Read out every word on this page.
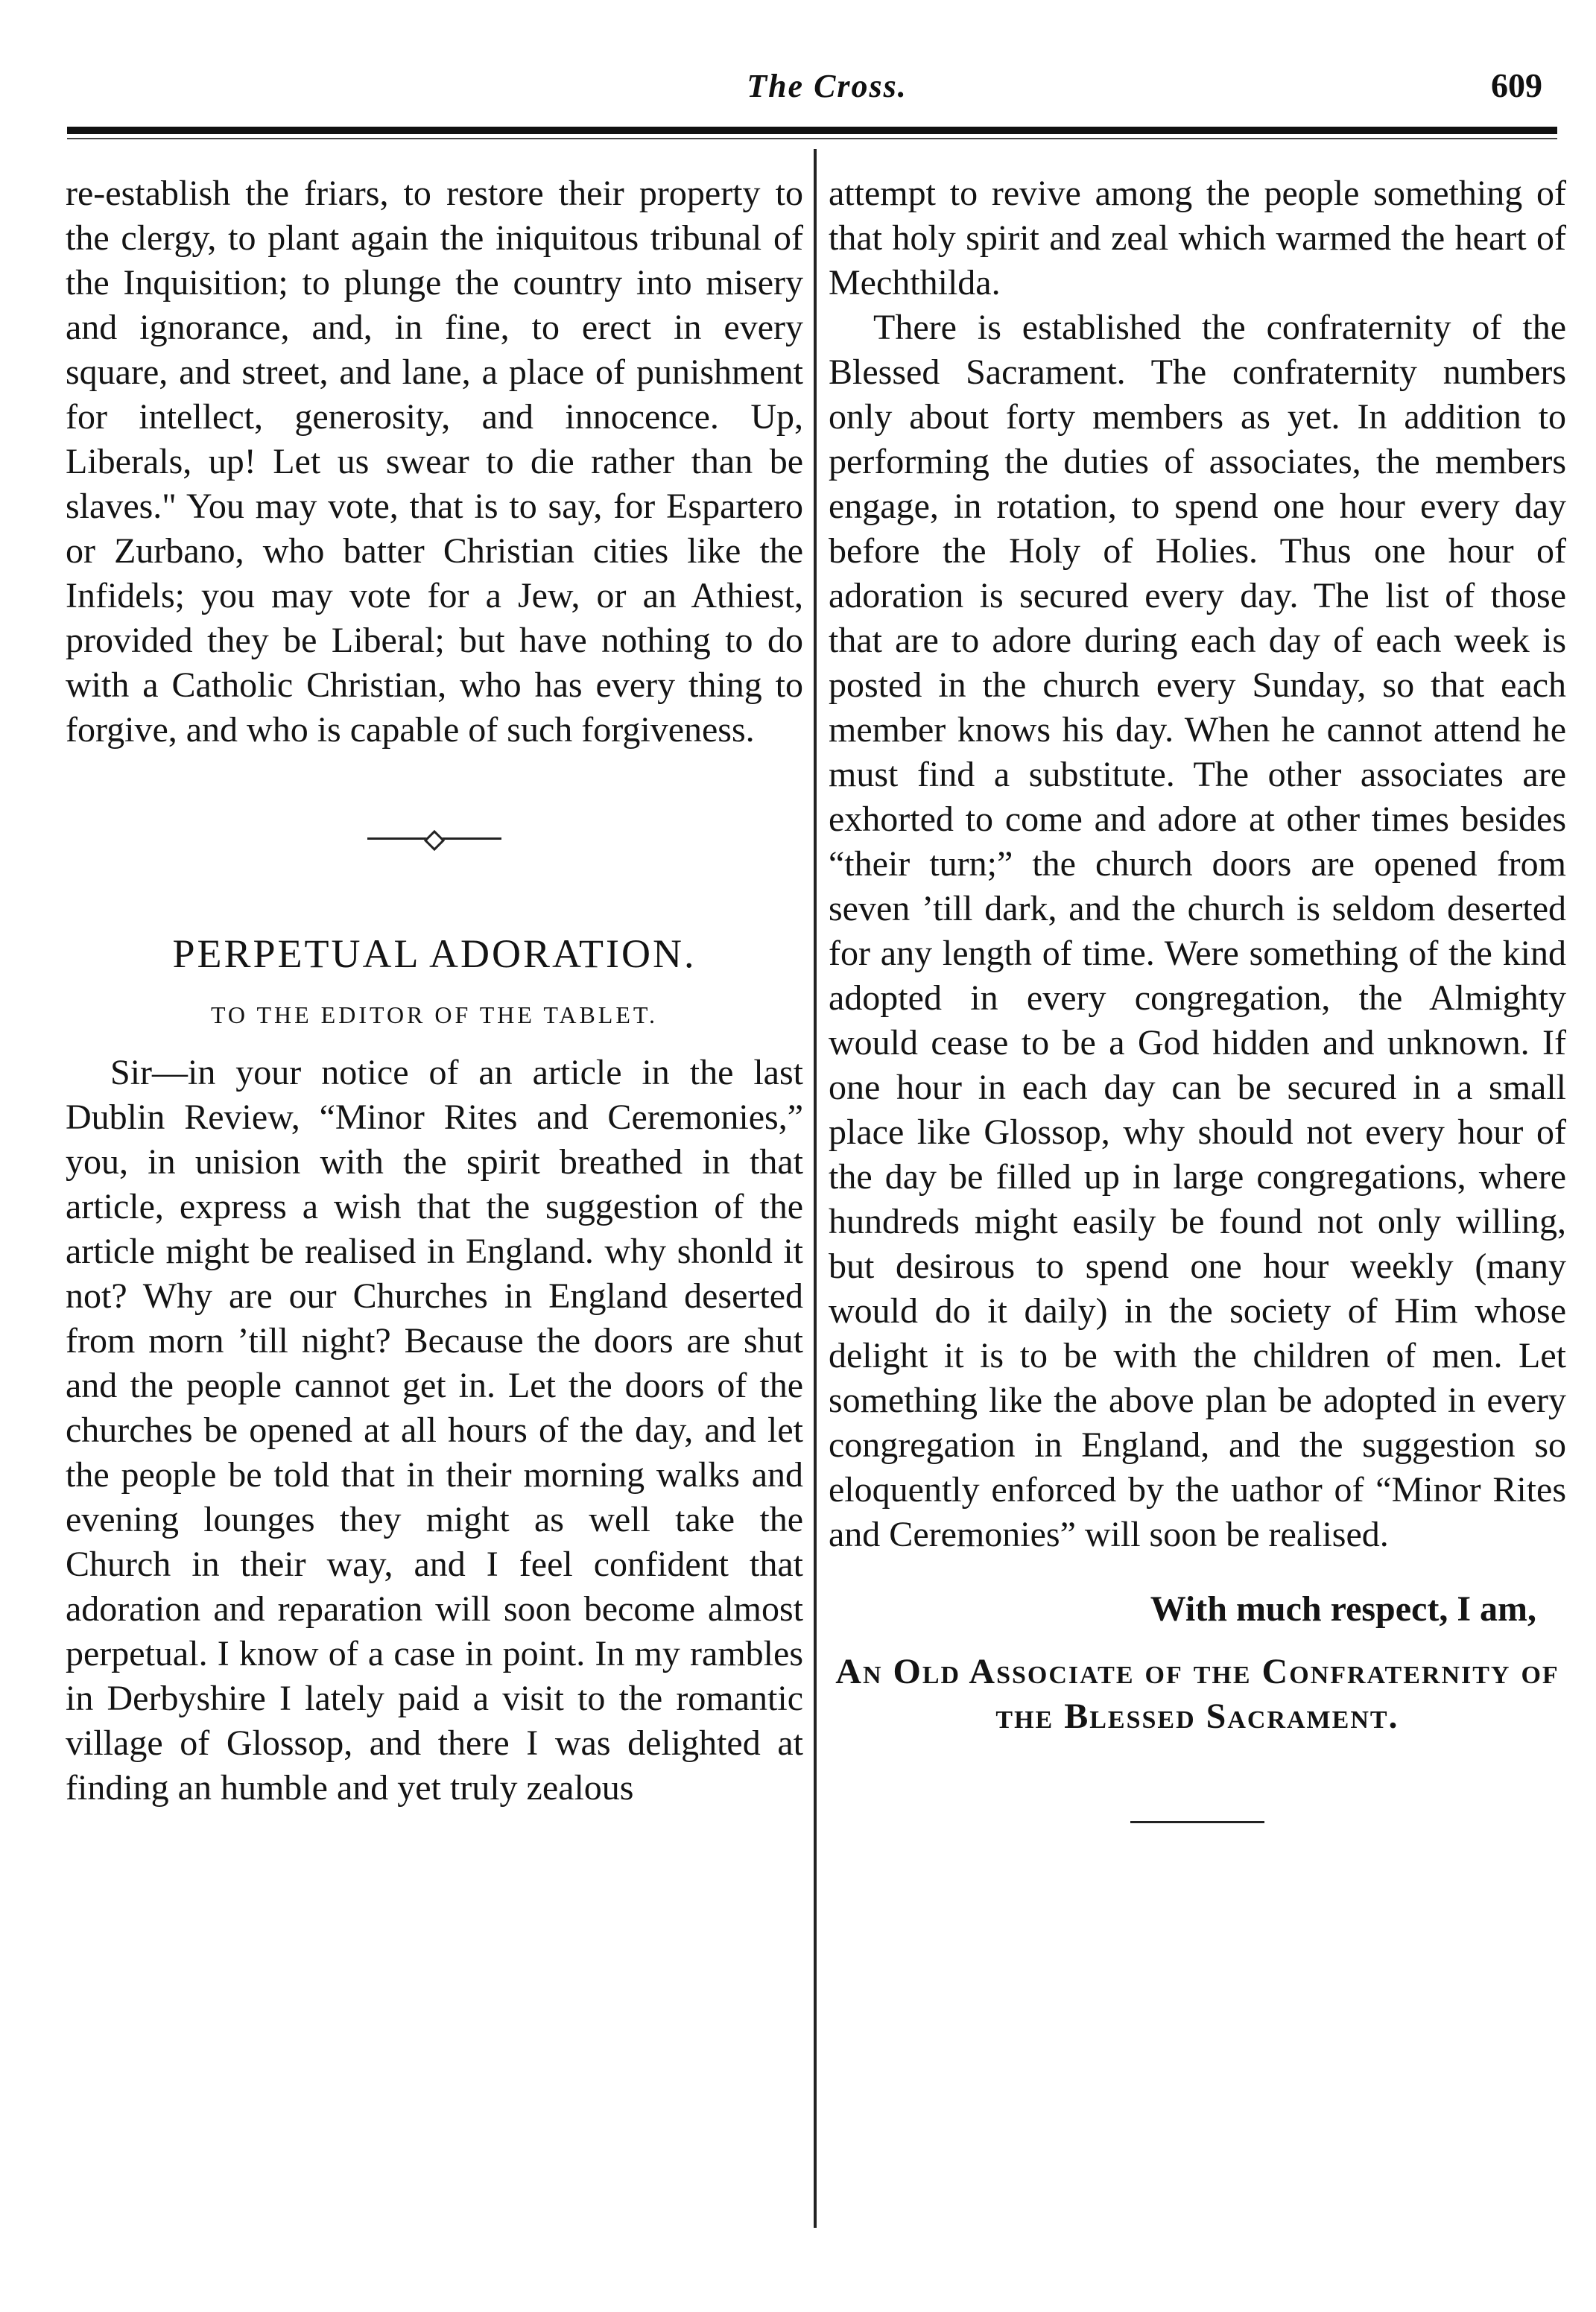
The Cross.	609

re-establish the friars, to restore their property to the clergy, to plant again the iniquitous tribunal of the Inquisition; to plunge the country into misery and ignorance, and, in fine, to erect in every square, and street, and lane, a place of punishment for intellect, generosity, and innocence. Up, Liberals, up! Let us swear to die rather than be slaves." You may vote, that is to say, for Espartero or Zurbano, who batter Christian cities like the Infidels; you may vote for a Jew, or an Athiest, provided they be Liberal; but have nothing to do with a Catholic Christian, who has every thing to forgive, and who is capable of such forgiveness.

PERPETUAL ADORATION.
TO THE EDITOR OF THE TABLET.

Sir—in your notice of an article in the last Dublin Review, “Minor Rites and Ceremonies,” you, in unision with the spirit breathed in that article, express a wish that the suggestion of the article might be realised in England. why shonld it not? Why are our Churches in England deserted from morn ’till night? Because the doors are shut and the people cannot get in. Let the doors of the churches be opened at all hours of the day, and let the people be told that in their morning walks and evening lounges they might as well take the Church in their way, and I feel confident that adoration and reparation will soon become almost perpetual. I know of a case in point. In my rambles in Derbyshire I lately paid a visit to the romantic village of Glossop, and there I was delighted at finding an humble and yet truly zealous

attempt to revive among the people something of that holy spirit and zeal which warmed the heart of Mechthilda.

There is established the confraternity of the Blessed Sacrament. The confraternity numbers only about forty members as yet. In addition to performing the duties of associates, the members engage, in rotation, to spend one hour every day before the Holy of Holies. Thus one hour of adoration is secured every day. The list of those that are to adore during each day of each week is posted in the church every Sunday, so that each member knows his day. When he cannot attend he must find a substitute. The other associates are exhorted to come and adore at other times besides “their turn;” the church doors are opened from seven ’till dark, and the church is seldom deserted for any length of time. Were something of the kind adopted in every congregation, the Almighty would cease to be a God hidden and unknown. If one hour in each day can be secured in a small place like Glossop, why should not every hour of the day be filled up in large congregations, where hundreds might easily be found not only willing, but desirous to spend one hour weekly (many would do it daily) in the society of Him whose delight it is to be with the children of men. Let something like the above plan be adopted in every congregation in England, and the suggestion so eloquently enforced by the uathor of “Minor Rites and Ceremonies” will soon be realised.

With much respect, I am,
An Old Associate of the Confraternity of the Blessed Sacrament.
